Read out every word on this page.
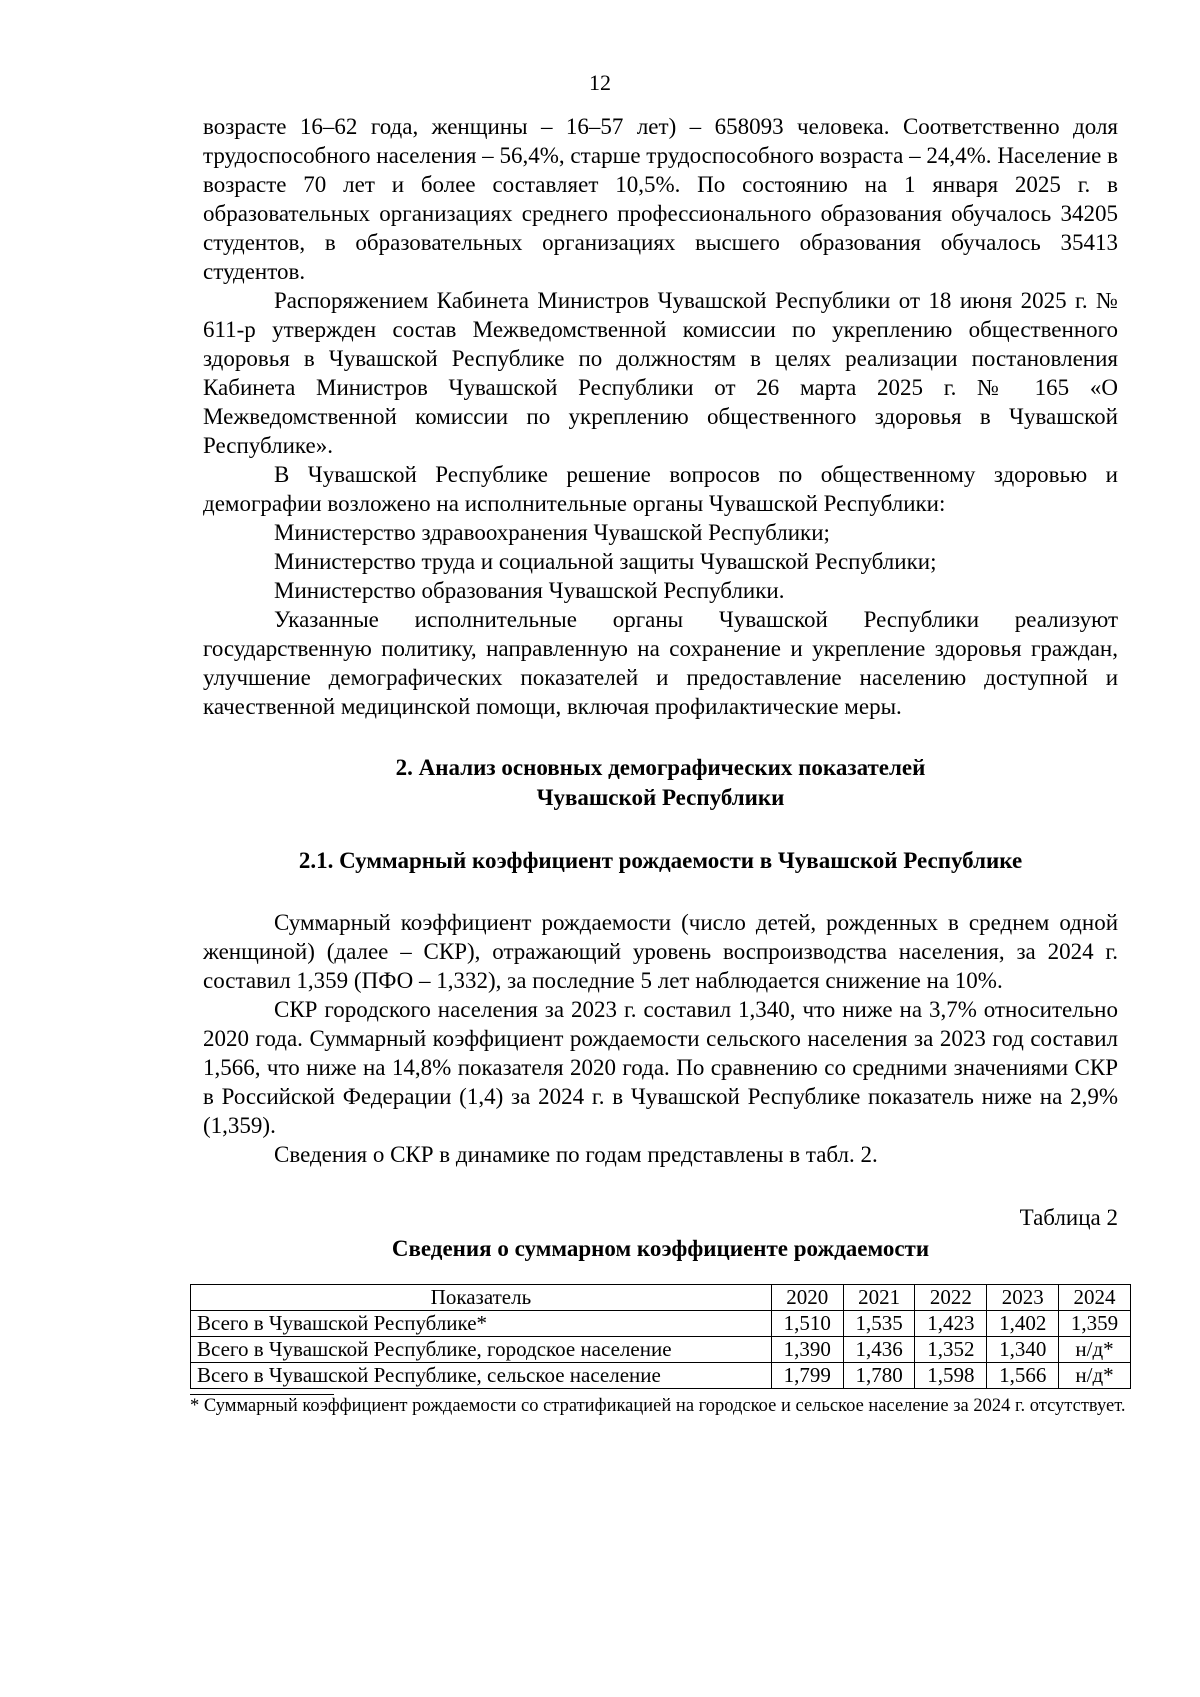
12

возрасте 16–62 года, женщины – 16–57 лет) – 658093 человека. Соответственно доля трудоспособного населения – 56,4%, старше трудоспособного возраста – 24,4%. Население в возрасте 70 лет и более составляет 10,5%. По состоянию на 1 января 2025 г. в образовательных организациях среднего профессионального образования обучалось 34205 студентов, в образовательных организациях высшего образования обучалось 35413 студентов.

Распоряжением Кабинета Министров Чувашской Республики от 18 июня 2025 г. № 611-р утвержден состав Межведомственной комиссии по укреплению общественного здоровья в Чувашской Республике по должностям в целях реализации постановления Кабинета Министров Чувашской Республики от 26 марта 2025 г. № 165 «О Межведомственной комиссии по укреплению общественного здоровья в Чувашской Республике».

В Чувашской Республике решение вопросов по общественному здоровью и демографии возложено на исполнительные органы Чувашской Республики:

Министерство здравоохранения Чувашской Республики;

Министерство труда и социальной защиты Чувашской Республики;

Министерство образования Чувашской Республики.

Указанные исполнительные органы Чувашской Республики реализуют государственную политику, направленную на сохранение и укрепление здоровья граждан, улучшение демографических показателей и предоставление населению доступной и качественной медицинской помощи, включая профилактические меры.

2. Анализ основных демографических показателей
Чувашской Республики
2.1. Суммарный коэффициент рождаемости в Чувашской Республике

Суммарный коэффициент рождаемости (число детей, рожденных в среднем одной женщиной) (далее – СКР), отражающий уровень воспроизводства населения, за 2024 г. составил 1,359 (ПФО – 1,332), за последние 5 лет наблюдается снижение на 10%.

СКР городского населения за 2023 г. составил 1,340, что ниже на 3,7% относительно 2020 года. Суммарный коэффициент рождаемости сельского населения за 2023 год составил 1,566, что ниже на 14,8% показателя 2020 года. По сравнению со средними значениями СКР в Российской Федерации (1,4) за 2024 г. в Чувашской Республике показатель ниже на 2,9% (1,359).

Сведения о СКР в динамике по годам представлены в табл. 2.

Таблица 2
Сведения о суммарном коэффициенте рождаемости
Показатель	2020	2021	2022	2023	2024
Всего в Чувашской Республике*	1,510	1,535	1,423	1,402	1,359
Всего в Чувашской Республике, городское население	1,390	1,436	1,352	1,340	н/д*
Всего в Чувашской Республике, сельское население	1,799	1,780	1,598	1,566	н/д*
* Суммарный коэффициент рождаемости со стратификацией на городское и сельское население за 2024 г. отсутствует.
